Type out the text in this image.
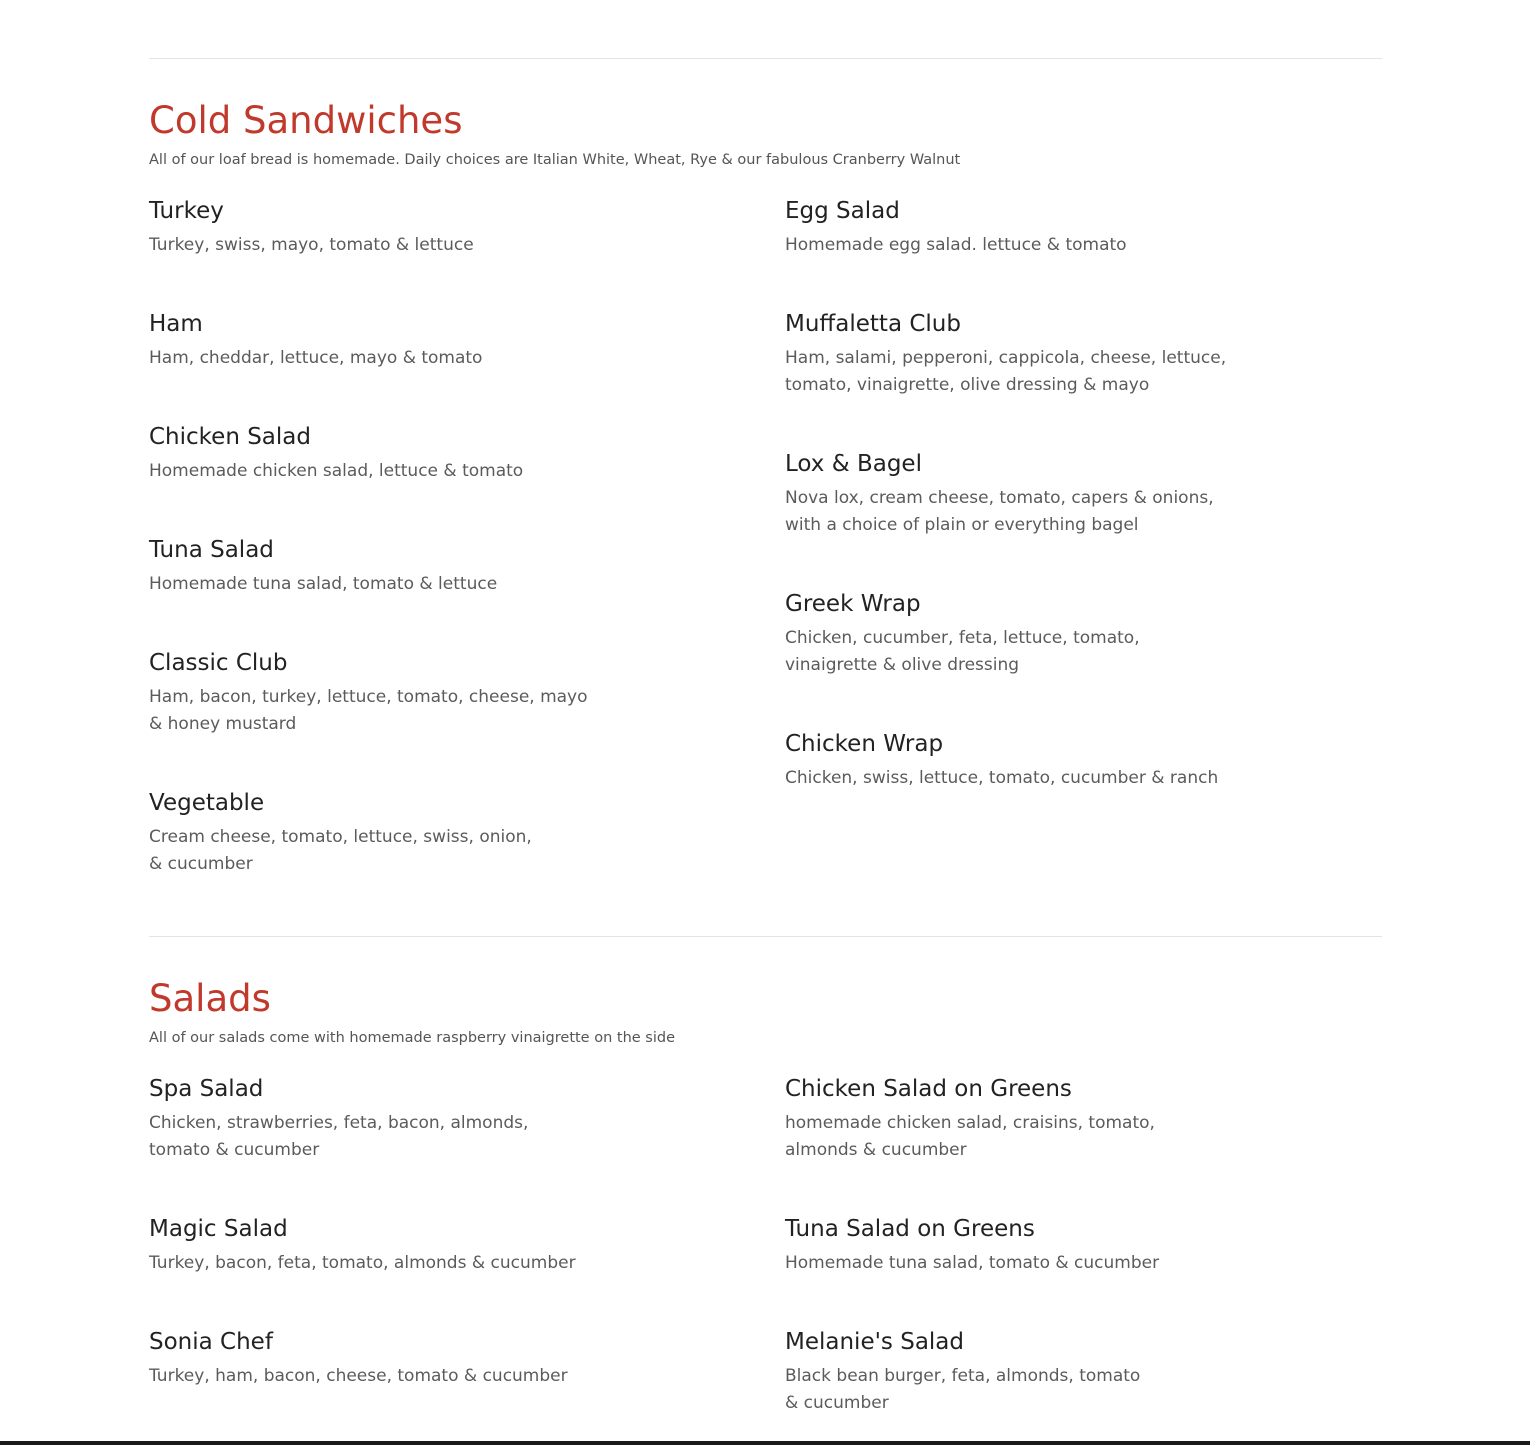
Cold Sandwiches

All of our loaf bread is homemade. Daily choices are Italian White, Wheat, Rye & our fabulous Cranberry Walnut

Turkey

Turkey, swiss, mayo, tomato & lettuce

Ham

Ham, cheddar, lettuce, mayo & tomato

Chicken Salad

Homemade chicken salad, lettuce & tomato

Tuna Salad

Homemade tuna salad, tomato & lettuce

Classic Club

Ham, bacon, turkey, lettuce, tomato, cheese, mayo
& honey mustard

Vegetable

Cream cheese, tomato, lettuce, swiss, onion,
& cucumber

Egg Salad

Homemade egg salad. lettuce & tomato

Muffaletta Club

Ham, salami, pepperoni, cappicola, cheese, lettuce,
tomato, vinaigrette, olive dressing & mayo

Lox & Bagel

Nova lox, cream cheese, tomato, capers & onions,
with a choice of plain or everything bagel

Greek Wrap

Chicken, cucumber, feta, lettuce, tomato,
vinaigrette & olive dressing

Chicken Wrap

Chicken, swiss, lettuce, tomato, cucumber & ranch

Salads

All of our salads come with homemade raspberry vinaigrette on the side

Spa Salad

Chicken, strawberries, feta, bacon, almonds,
tomato & cucumber

Magic Salad

Turkey, bacon, feta, tomato, almonds & cucumber

Sonia Chef

Turkey, ham, bacon, cheese, tomato & cucumber

Chicken Salad on Greens

homemade chicken salad, craisins, tomato,
almonds & cucumber

Tuna Salad on Greens

Homemade tuna salad, tomato & cucumber

Melanie's Salad

Black bean burger, feta, almonds, tomato
& cucumber
